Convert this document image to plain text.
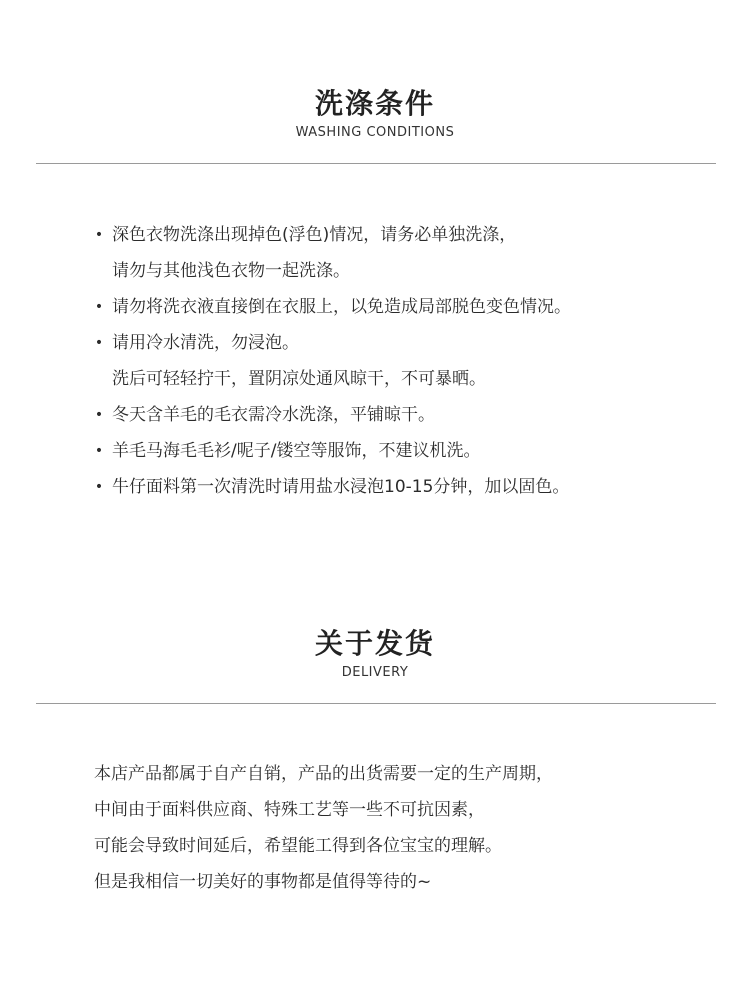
洗涤条件
WASHING CONDITIONS
• 深色衣物洗涤出现掉色(浮色)情况，请务必单独洗涤，
请勿与其他浅色衣物一起洗涤。
• 请勿将洗衣液直接倒在衣服上，以免造成局部脱色变色情况。
• 请用冷水清洗，勿浸泡。
洗后可轻轻拧干，置阴凉处通风晾干，不可暴晒。
• 冬天含羊毛的毛衣需冷水洗涤，平铺晾干。
• 羊毛马海毛毛衫/呢子/镂空等服饰，不建议机洗。
• 牛仔面料第一次清洗时请用盐水浸泡10-15分钟，加以固色。
关于发货
DELIVERY
本店产品都属于自产自销，产品的出货需要一定的生产周期，
中间由于面料供应商、特殊工艺等一些不可抗因素，
可能会导致时间延后，希望能工得到各位宝宝的理解。
但是我相信一切美好的事物都是值得等待的~
